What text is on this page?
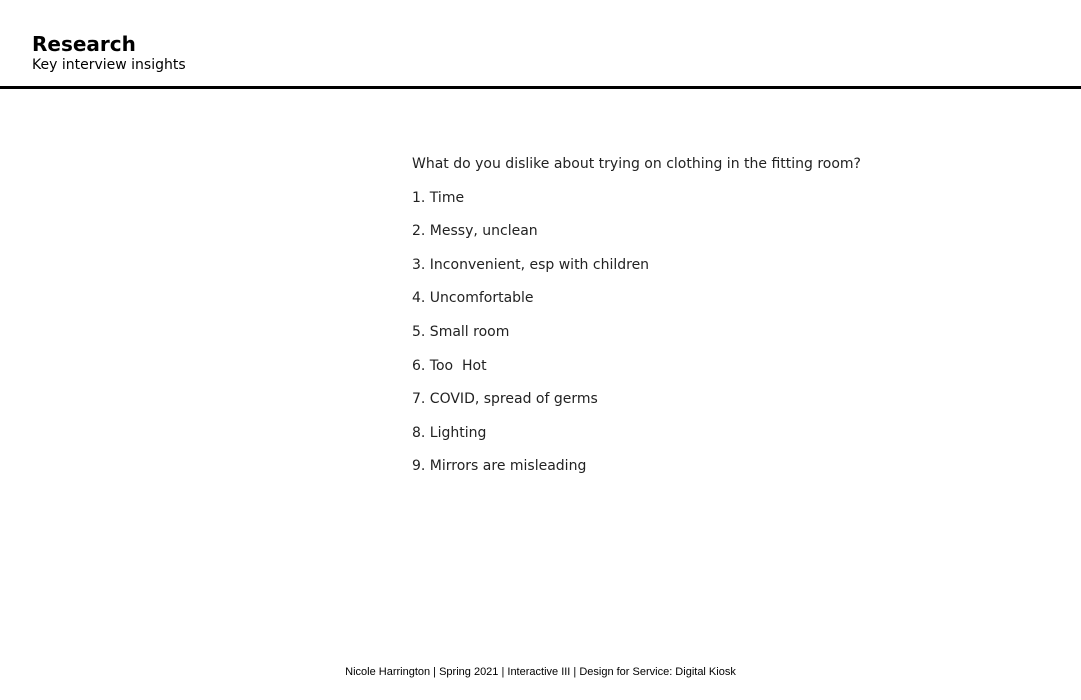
Research

Key interview insights

What do you dislike about trying on clothing in the fitting room?

1. Time
2. Messy, unclean
3. Inconvenient, esp with children
4. Uncomfortable
5. Small room
6. Too  Hot
7. COVID, spread of germs
8. Lighting
9. Mirrors are misleading
Nicole Harrington | Spring 2021 | Interactive III | Design for Service: Digital Kiosk
